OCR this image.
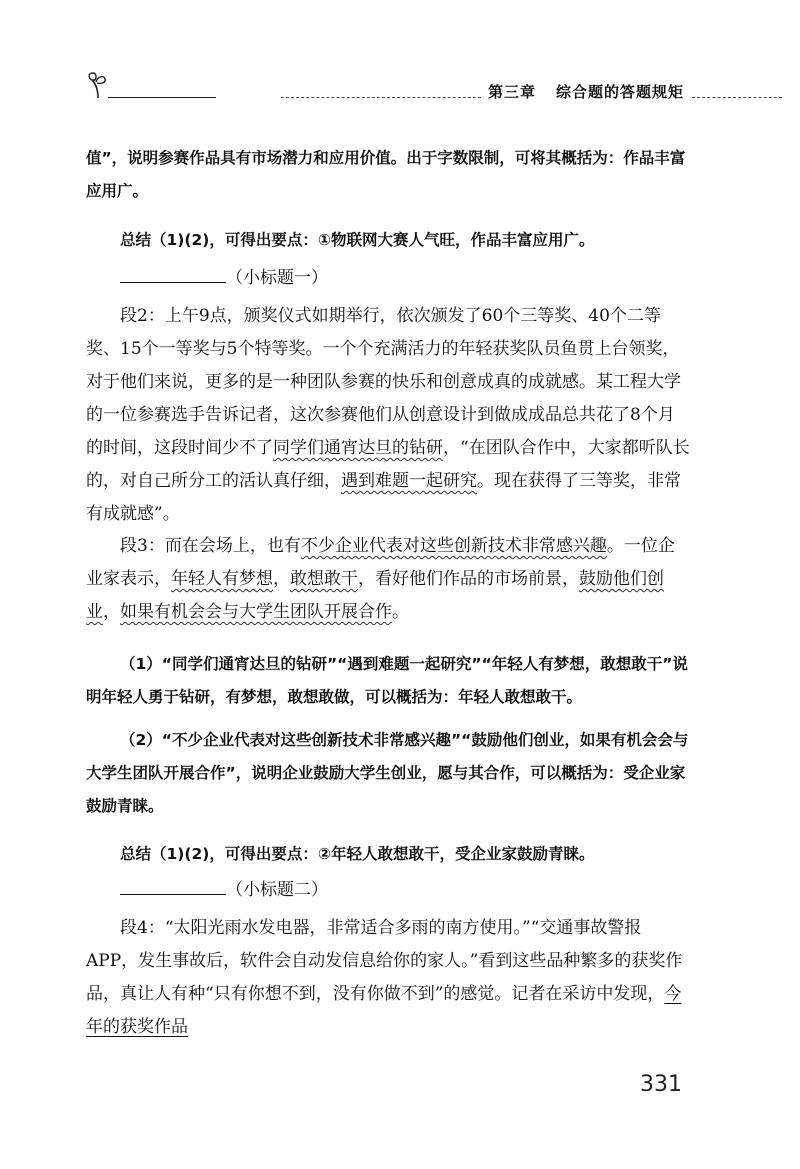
第三章 综合题的答题规矩

值”，说明参赛作品具有市场潜力和应用价值。出于字数限制，可将其概括为：作品丰富应用广。

总结（1)(2)，可得出要点：①物联网大赛人气旺，作品丰富应用广。

（小标题一）

段2：上午9点，颁奖仪式如期举行，依次颁发了60个三等奖、40个二等奖、15个一等奖与5个特等奖。一个个充满活力的年轻获奖队员鱼贯上台领奖，对于他们来说，更多的是一种团队参赛的快乐和创意成真的成就感。某工程大学的一位参赛选手告诉记者，这次参赛他们从创意设计到做成成品总共花了8个月的时间，这段时间少不了同学们通宵达旦的钻研，“在团队合作中，大家都听队长的，对自己所分工的活认真仔细，遇到难题一起研究。现在获得了三等奖，非常有成就感”。

段3：而在会场上，也有不少企业代表对这些创新技术非常感兴趣。一位企业家表示，年轻人有梦想，敢想敢干，看好他们作品的市场前景，鼓励他们创业，如果有机会会与大学生团队开展合作。

（1）“同学们通宵达旦的钻研”“遇到难题一起研究”“年轻人有梦想，敢想敢干”说明年轻人勇于钻研，有梦想，敢想敢做，可以概括为：年轻人敢想敢干。

（2）“不少企业代表对这些创新技术非常感兴趣”“鼓励他们创业，如果有机会会与大学生团队开展合作”，说明企业鼓励大学生创业，愿与其合作，可以概括为：受企业家鼓励青睐。

总结（1)(2)，可得出要点：②年轻人敢想敢干，受企业家鼓励青睐。

（小标题二）

段4：“太阳光雨水发电器，非常适合多雨的南方使用。”“交通事故警报APP，发生事故后，软件会自动发信息给你的家人。”看到这些品种繁多的获奖作品，真让人有种“只有你想不到，没有你做不到”的感觉。记者在采访中发现，今年的获奖作品

331
